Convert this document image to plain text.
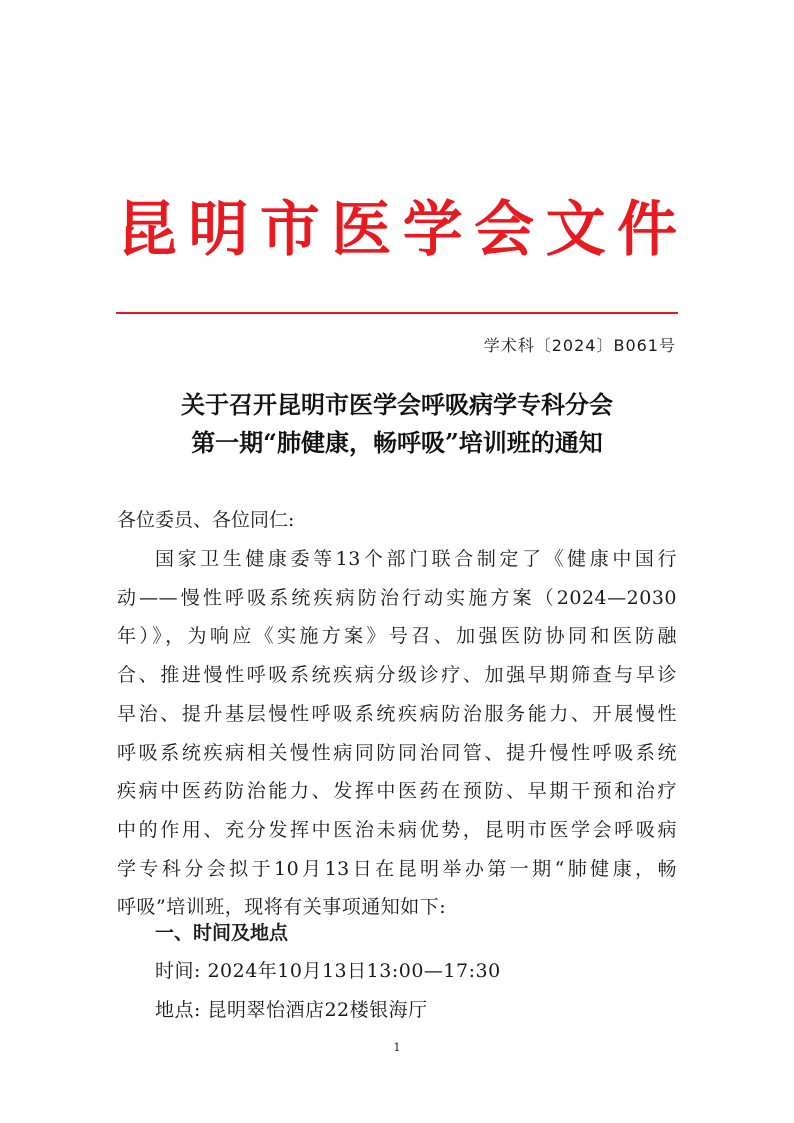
昆明市医学会文件
学术科〔2024〕B061号
关于召开昆明市医学会呼吸病学专科分会
第一期“肺健康，畅呼吸”培训班的通知
各位委员、各位同仁:
国家卫生健康委等13个部门联合制定了《健康中国行
动——慢性呼吸系统疾病防治行动实施方案（2024—2030
年）》，为响应《实施方案》号召、加强医防协同和医防融
合、推进慢性呼吸系统疾病分级诊疗、加强早期筛查与早诊
早治、提升基层慢性呼吸系统疾病防治服务能力、开展慢性
呼吸系统疾病相关慢性病同防同治同管、提升慢性呼吸系统
疾病中医药防治能力、发挥中医药在预防、早期干预和治疗
中的作用、充分发挥中医治未病优势，昆明市医学会呼吸病
学专科分会拟于10月13日在昆明举办第一期“肺健康，畅
呼吸”培训班，现将有关事项通知如下:
一、时间及地点
时间: 2024年10月13日13:00—17:30
地点: 昆明翠怡酒店22楼银海厅
1
